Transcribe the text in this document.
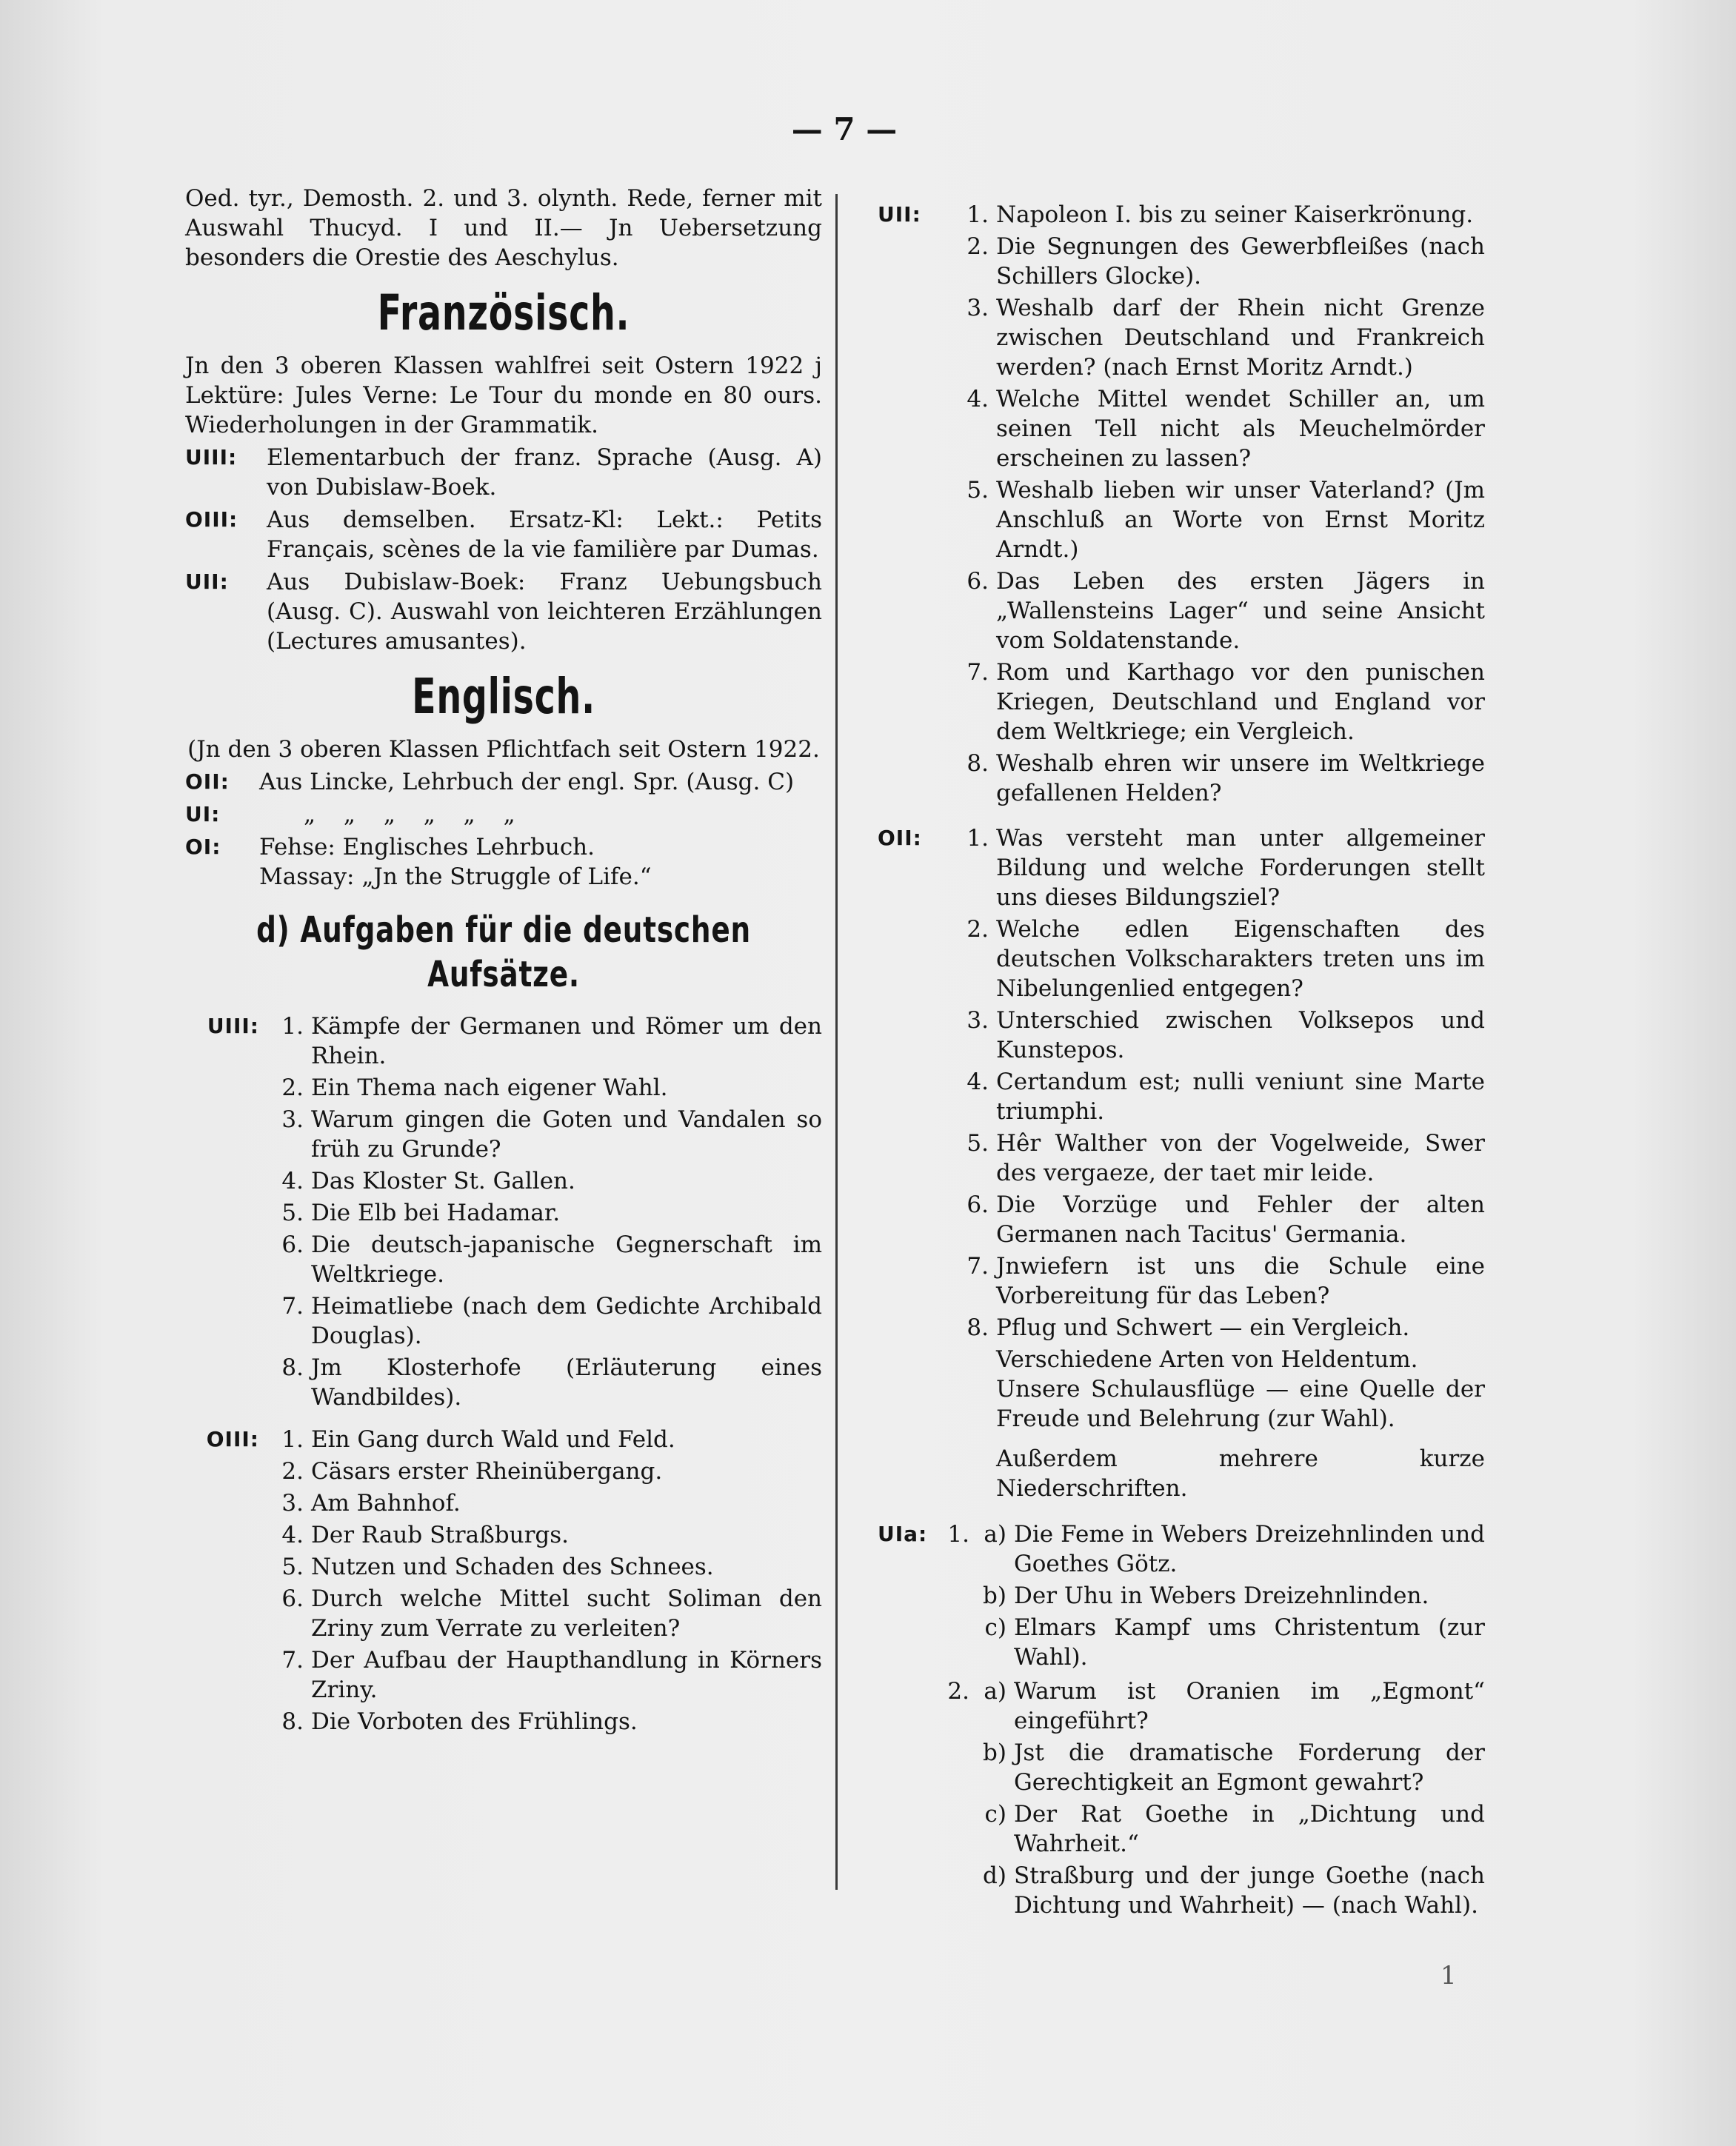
— 7 —

Oed. tyr., Demosth. 2. und 3. olynth. Rede, ferner mit Auswahl Thucyd. I und II.— Jn Uebersetzung besonders die Orestie des Aeschylus.

Französisch.

Jn den 3 oberen Klassen wahlfrei seit Ostern 1922 j Lektüre: Jules Verne: Le Tour du monde en 80 ours. Wiederholungen in der Grammatik.

UIII:	Elementarbuch der franz. Sprache (Ausg. A) von Dubislaw-Boek.
OIII:	Aus demselben. Ersatz-Kl: Lekt.: Petits Français, scènes de la vie familière par Dumas.
UII:	Aus Dubislaw-Boek: Franz Uebungsbuch (Ausg. C). Auswahl von leichteren Erzählungen (Lectures amusantes).
Englisch.

(Jn den 3 oberen Klassen Pflichtfach seit Ostern 1922.

OII:	Aus Lincke, Lehrbuch der engl. Spr. (Ausg. C)
UI:	„ „ „ „ „ „
OI:	Fehse: Englisches Lehrbuch.

Massay: „Jn the Struggle of Life.“

d) Aufgaben für die deutschen
Aufsätze.
UIII: 1. Kämpfe der Germanen und Römer um den Rhein.
2. Ein Thema nach eigener Wahl.
3. Warum gingen die Goten und Vandalen so früh zu Grunde?
4. Das Kloster St. Gallen.
5. Die Elb bei Hadamar.
6. Die deutsch-japanische Gegnerschaft im Weltkriege.
7. Heimatliebe (nach dem Gedichte Archibald Douglas).
8. Jm Klosterhofe (Erläuterung eines Wandbildes).
OIII: 1. Ein Gang durch Wald und Feld.
2. Cäsars erster Rheinübergang.
3. Am Bahnhof.
4. Der Raub Straßburgs.
5. Nutzen und Schaden des Schnees.
6. Durch welche Mittel sucht Soliman den Zriny zum Verrate zu verleiten?
7. Der Aufbau der Haupthandlung in Körners Zriny.
8. Die Vorboten des Frühlings.
UII:	1. Napoleon I. bis zu seiner Kaiserkrönung.
2. Die Segnungen des Gewerbfleißes (nach Schillers Glocke).
3. Weshalb darf der Rhein nicht Grenze zwischen Deutschland und Frankreich werden? (nach Ernst Moritz Arndt.)
4. Welche Mittel wendet Schiller an, um seinen Tell nicht als Meuchelmörder erscheinen zu lassen?
5. Weshalb lieben wir unser Vaterland? (Jm Anschluß an Worte von Ernst Moritz Arndt.)
6. Das Leben des ersten Jägers in „Wallensteins Lager“ und seine Ansicht vom Soldatenstande.
7. Rom und Karthago vor den punischen Kriegen, Deutschland und England vor dem Weltkriege; ein Vergleich.
8. Weshalb ehren wir unsere im Weltkriege gefallenen Helden?
OII:	1. Was versteht man unter allgemeiner Bildung und welche Forderungen stellt uns dieses Bildungsziel?
2. Welche edlen Eigenschaften des deutschen Volkscharakters treten uns im Nibelungenlied entgegen?
3. Unterschied zwischen Volksepos und Kunstepos.
4. Certandum est; nulli veniunt sine Marte triumphi.
5. Hêr Walther von der Vogelweide, Swer des vergaeze, der taet mir leide.
6. Die Vorzüge und Fehler der alten Germanen nach Tacitus' Germania.
7. Jnwiefern ist uns die Schule eine Vorbereitung für das Leben?
8. Pflug und Schwert — ein Vergleich.

Verschiedene Arten von Heldentum.

Unsere Schulausflüge — eine Quelle der Freude und Belehrung (zur Wahl).

Außerdem mehrere kurze Niederschriften.

UIa: 1. a) Die Feme in Webers Dreizehnlinden und Goethes Götz.
b) Der Uhu in Webers Dreizehnlinden.
c) Elmars Kampf ums Christentum (zur Wahl).
2. a) Warum ist Oranien im „Egmont“ eingeführt?
b) Jst die dramatische Forderung der Gerechtigkeit an Egmont gewahrt?
c) Der Rat Goethe in „Dichtung und Wahrheit.“
d) Straßburg und der junge Goethe (nach Dichtung und Wahrheit) — (nach Wahl).
1
